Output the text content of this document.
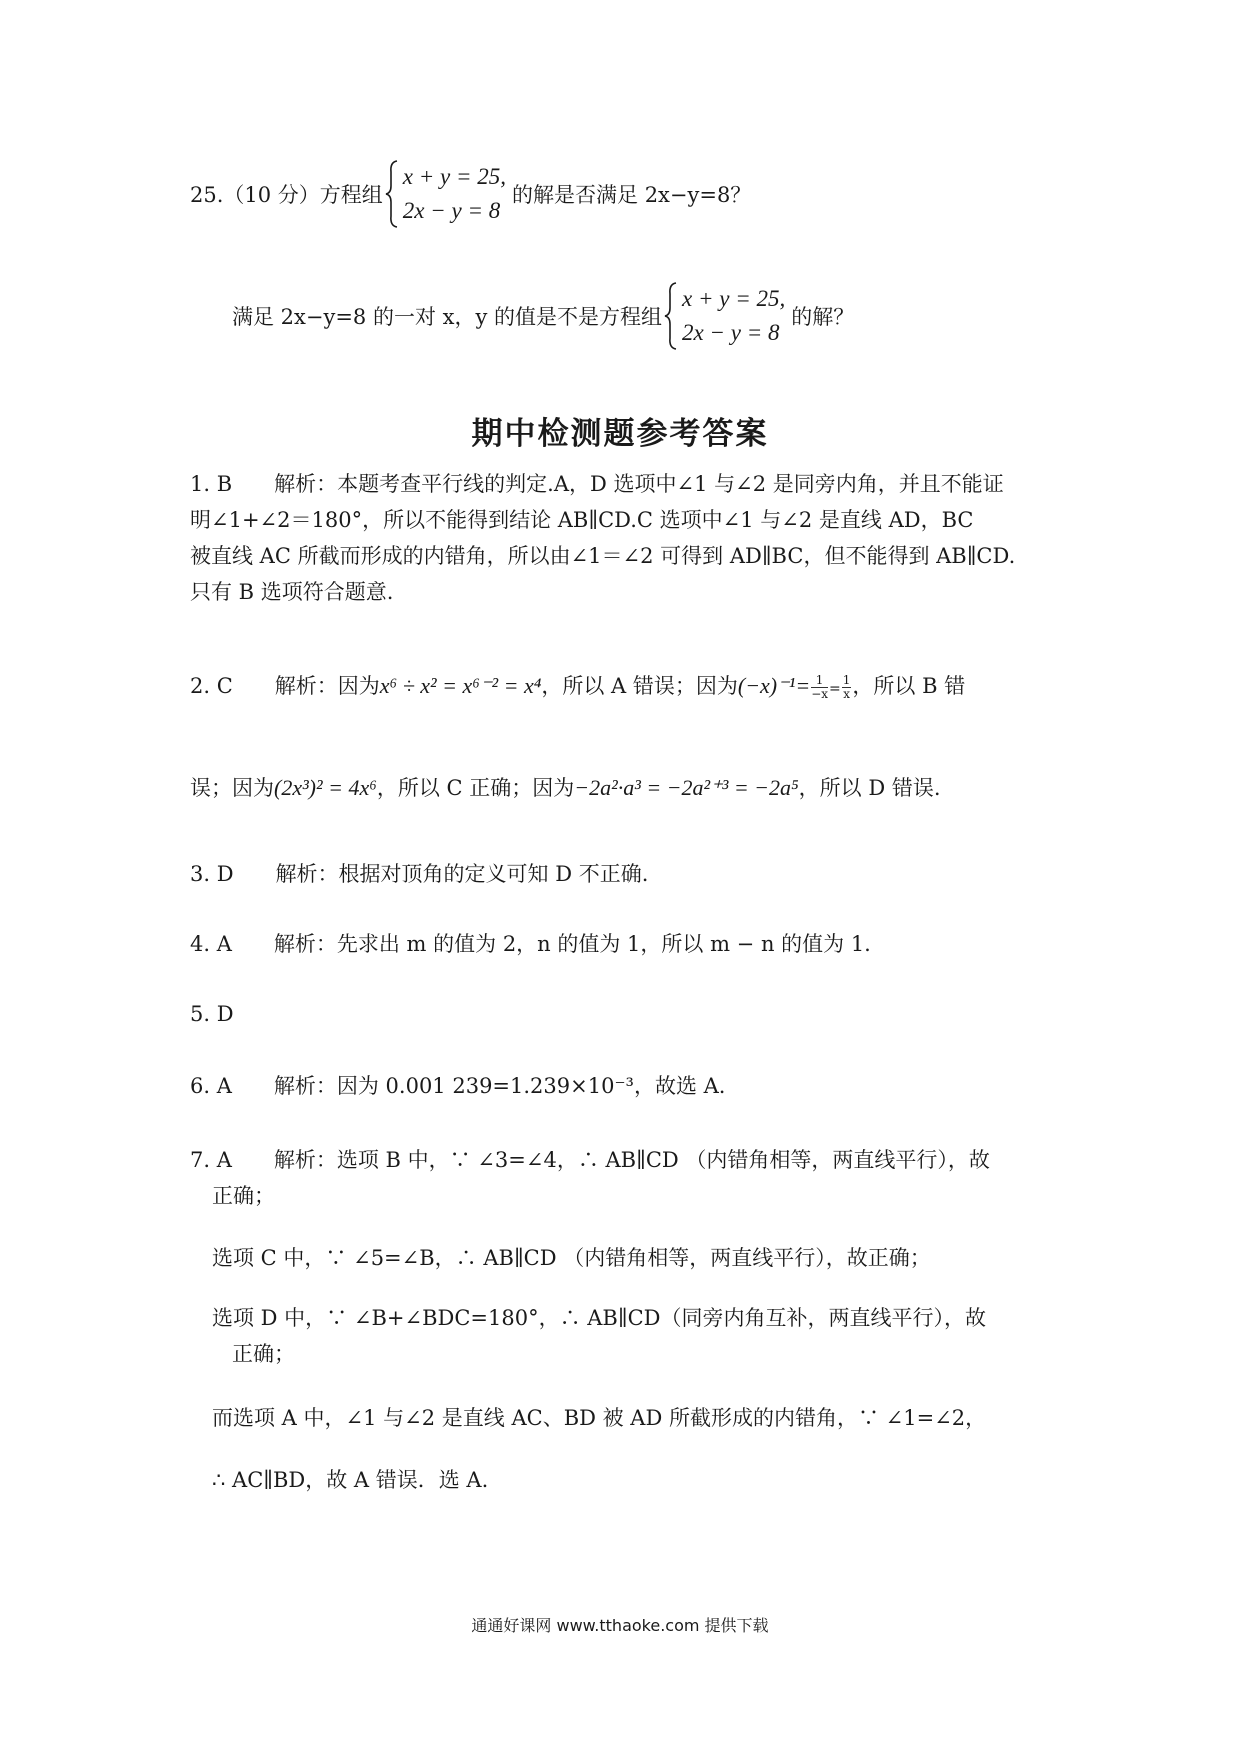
25.（10 分）方程组
x + y = 25,
2x − y = 8
的解是否满足 2x−y=8？
满足 2x−y=8 的一对 x，y 的值是不是方程组
x + y = 25,
2x − y = 8
的解？
期中检测题参考答案
1. B　　解析：本题考查平行线的判定.A，D 选项中∠1 与∠2 是同旁内角，并且不能证
明∠1+∠2＝180°，所以不能得到结论 AB∥CD.C 选项中∠1 与∠2 是直线 AD，BC
被直线 AC 所截而形成的内错角，所以由∠1＝∠2 可得到 AD∥BC，但不能得到 AB∥CD.
只有 B 选项符合题意.
2. C　　解析：因为x⁶ ÷ x² = x⁶⁻² = x⁴，所以 A 错误；因为$(-x)^{-1}= \frac{1}{-x} = \frac{1}{x}$ ，所以 B 错
误；因为(2x³)² = 4x⁶，所以 C 正确；因为−2a²·a³ = −2a²⁺³ = −2a⁵，所以 D 错误.
3. D　　解析：根据对顶角的定义可知 D 不正确.
4. A　　解析：先求出 m 的值为 2，n 的值为 1，所以 m − n 的值为 1.
5. D
6. A　　解析：因为 0.001 239=1.239×10⁻³，故选 A.
7. A　　解析：选项 B 中，∵ ∠3=∠4，∴ AB∥CD （内错角相等，两直线平行），故
正确；
选项 C 中，∵ ∠5=∠B，∴ AB∥CD （内错角相等，两直线平行），故正确；
选项 D 中，∵ ∠B+∠BDC=180°，∴ AB∥CD（同旁内角互补，两直线平行），故
正确；
而选项 A 中，∠1 与∠2 是直线 AC、BD 被 AD 所截形成的内错角，∵ ∠1=∠2，
∴ AC∥BD，故 A 错误．选 A.
通通好课网 www.tthaoke.com 提供下载
